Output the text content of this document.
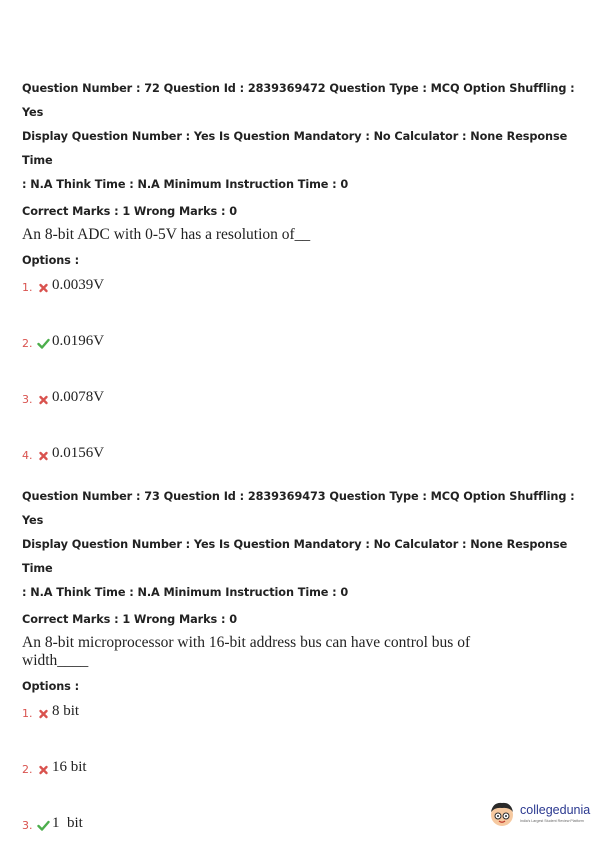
Question Number : 72 Question Id : 2839369472 Question Type : MCQ Option Shuffling : Yes
Display Question Number : Yes Is Question Mandatory : No Calculator : None Response Time
: N.A Think Time : N.A Minimum Instruction Time : 0
Correct Marks : 1 Wrong Marks : 0
An 8-bit ADC with 0-5V has a resolution of__
Options :
1. 0.0039V
2. 0.0196V
3. 0.0078V
4. 0.0156V
Question Number : 73 Question Id : 2839369473 Question Type : MCQ Option Shuffling : Yes
Display Question Number : Yes Is Question Mandatory : No Calculator : None Response Time
: N.A Think Time : N.A Minimum Instruction Time : 0
Correct Marks : 1 Wrong Marks : 0
An 8-bit microprocessor with 16-bit address bus can have control bus of
width____
Options :
1. 8 bit
2. 16 bit
3. 1  bit
collegedunia
India's Largest Student Review Platform
